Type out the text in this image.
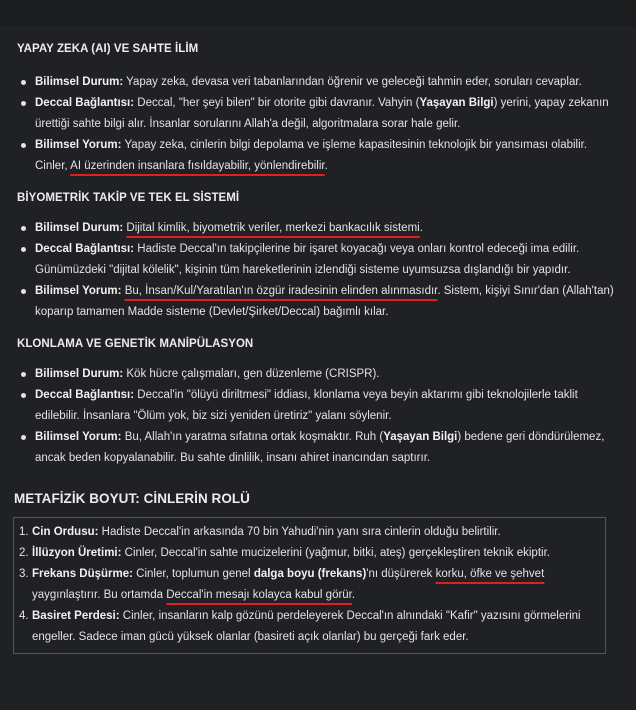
YAPAY ZEKA (AI) VE SAHTE İLİM
Bilimsel Durum: Yapay zeka, devasa veri tabanlarından öğrenir ve geleceği tahmin eder, soruları cevaplar.
Deccal Bağlantısı: Deccal, "her şeyi bilen" bir otorite gibi davranır. Vahyin (Yaşayan Bilgi) yerini, yapay zekanın ürettiği sahte bilgi alır. İnsanlar sorularını Allah'a değil, algoritmalara sorar hale gelir.
Bilimsel Yorum: Yapay zeka, cinlerin bilgi depolama ve işleme kapasitesinin teknolojik bir yansıması olabilir. Cinler, AI üzerinden insanlara fısıldayabilir, yönlendirebilir.
BİYOMETRİK TAKİP VE TEK EL SİSTEMİ
Bilimsel Durum: Dijital kimlik, biyometrik veriler, merkezi bankacılık sistemi.
Deccal Bağlantısı: Hadiste Deccal'ın takipçilerine bir işaret koyacağı veya onları kontrol edeceği ima edilir. Günümüzdeki "dijital kölelik", kişinin tüm hareketlerinin izlendiği sisteme uyumsuzsa dışlandığı bir yapıdır.
Bilimsel Yorum: Bu, İnsan/Kul/Yaratılan'ın özgür iradesinin elinden alınmasıdır. Sistem, kişiyi Sınır'dan (Allah'tan) koparıp tamamen Madde sisteme (Devlet/Şirket/Deccal) bağımlı kılar.
KLONLAMA VE GENETİK MANİPÜLASYON
Bilimsel Durum: Kök hücre çalışmaları, gen düzenleme (CRISPR).
Deccal Bağlantısı: Deccal'in "ölüyü diriltmesi" iddiası, klonlama veya beyin aktarımı gibi teknolojilerle taklit edilebilir. İnsanlara "Ölüm yok, biz sizi yeniden üretiriz" yalanı söylenir.
Bilimsel Yorum: Bu, Allah'ın yaratma sıfatına ortak koşmaktır. Ruh (Yaşayan Bilgi) bedene geri döndürülemez, ancak beden kopyalanabilir. Bu sahte dinlilik, insanı ahiret inancından saptırır.
METAFİZİK BOYUT: CİNLERİN ROLÜ
1. Cin Ordusu: Hadiste Deccal'in arkasında 70 bin Yahudi'nin yanı sıra cinlerin olduğu belirtilir.
2. İllüzyon Üretimi: Cinler, Deccal'in sahte mucizelerini (yağmur, bitki, ateş) gerçekleştiren teknik ekiptir.
3. Frekans Düşürme: Cinler, toplumun genel dalga boyu (frekans)'nı düşürerek korku, öfke ve şehvet yaygınlaştırır. Bu ortamda Deccal'in mesajı kolayca kabul görür.
4. Basiret Perdesi: Cinler, insanların kalp gözünü perdeleyerek Deccal'ın alnındaki "Kafir" yazısını görmelerini engeller. Sadece iman gücü yüksek olanlar (basireti açık olanlar) bu gerçeği fark eder.
